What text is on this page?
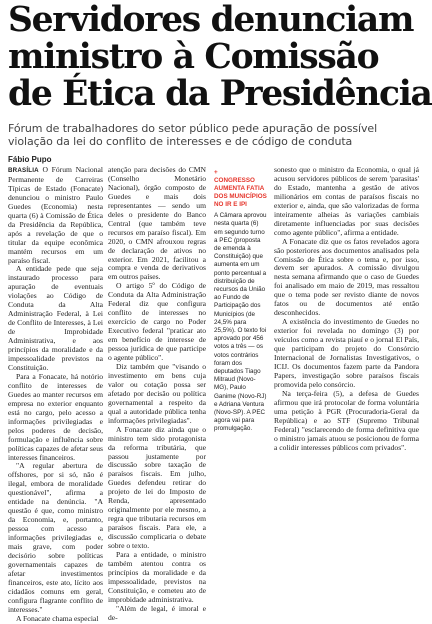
Servidores denunciam
ministro à Comissão
de Ética da Presidência
Fórum de trabalhadores do setor público pede apuração de possível violação da lei do conflito de interesses e de código de conduta
Fábio Pupo

BRASÍLIA O Fórum Nacional Permanente de Carreiras Típicas de Estado (Fonacate) denunciou o ministro Paulo Guedes (Economia) nesta quarta (6) à Comissão de Ética da Presidência da República, após a revelação de que o titular da equipe econômica mantém recursos em um paraíso fiscal.

A entidade pede que seja instaurado processo para apuração de eventuais violações ao Código de Conduta da Alta Administração Federal, à Lei de Conflito de Interesses, à Lei de Improbidade Administrativa, e aos princípios da moralidade e da impessoalidade previstos na Constituição.

Para a Fonacate, há notório conflito de interesses de Guedes ao manter recursos em empresa no exterior enquanto está no cargo, pelo acesso a informações privilegiadas e pelos poderes de decisão, formulação e influência sobre políticas capazes de afetar seus interesses financeiros.

"A regular abertura de offshores, por si só, não é ilegal, embora de moralidade questionável", afirma a entidade na denúncia. "A questão é que, como ministro da Economia, e, portanto, pessoa com acesso a informações privilegiadas e, mais grave, com poder decisório sobre políticas governamentais capazes de afetar investimentos financeiros, este ato, lícito aos cidadãos comuns em geral, configura flagrante conflito de interesses."

A Fonacate chama especial

atenção para decisões do CMN (Conselho Monetário Nacional), órgão composto de Guedes e mais dois representantes — sendo um deles o presidente do Banco Central (que também teve recursos em paraíso fiscal). Em 2020, o CMN afrouxou regras de declaração de ativos no exterior. Em 2021, facilitou a compra e venda de derivativos em outros países.

O artigo 5º do Código de Conduta da Alta Administração Federal diz que configura conflito de interesses no exercício de cargo no Poder Executivo federal "praticar ato em benefício de interesse de pessoa jurídica de que participe o agente público".

Diz também que "visando o investimento em bens cuja valor ou cotação possa ser afetado por decisão ou política governamental a respeito da qual a autoridade pública tenha informações privilegiadas".

A Fonacate diz ainda que o ministro tem sido protagonista da reforma tributária, que passou justamente por discussão sobre taxação de paraísos fiscais. Em julho, Guedes defendeu retirar do projeto de lei do Imposto de Renda, apresentado originalmente por ele mesmo, a regra que tributaria recursos em paraísos fiscais. Para ele, a discussão complicaria o debate sobre o texto.

Para a entidade, o ministro também atentou contra os princípios da moralidade e da impessoalidade, previstos na Constituição, e cometeu ato de improbidade administrativa.

"Além de legal, é imoral e de-

+
CONGRESSO AUMENTA FATIA DOS MUNICÍPIOS NO IR E IPI
A Câmara aprovou nesta quarta (6) em segundo turno a PEC (proposta de emenda à Constituição) que aumenta em um ponto percentual a distribuição de recursos da União ao Fundo de Participação dos Municípios (de 24,5% para 25,5%). O texto foi aprovado por 456 votos a três — os votos contrários foram dos deputados Tiago Mitraud (Novo-MG), Paulo Ganime (Novo-RJ) e Adriana Ventura (Novo-SP). A PEC agora vai para promulgação.

sonesto que o ministro da Economia, o qual já acusou servidores públicos de serem 'parasitas' do Estado, mantenha a gestão de ativos milionários em contas de paraísos fiscais no exterior e, ainda, que são valorizadas de forma inteiramente alheias às variações cambiais diretamente influenciadas por suas decisões como agente público", afirma a entidade.

A Fonacate diz que os fatos revelados agora são posteriores aos documentos analisados pela Comissão de Ética sobre o tema e, por isso, devem ser apurados. A comissão divulgou nesta semana afirmando que o caso de Guedes foi analisado em maio de 2019, mas ressaltou que o tema pode ser revisto diante de novos fatos ou de documentos até então desconhecidos.

A existência do investimento de Guedes no exterior foi revelada no domingo (3) por veículos como a revista piauí e o jornal El País, que participam do projeto do Consórcio Internacional de Jornalistas Investigativos, o ICIJ. Os documentos fazem parte da Pandora Papers, investigação sobre paraísos fiscais promovida pelo consórcio.

Na terça-feira (5), a defesa de Guedes afirmou que irá protocolar de forma voluntária uma petição à PGR (Procuradoria-Geral da República) e ao STF (Supremo Tribunal Federal) "esclarecendo de forma definitiva que o ministro jamais atuou se posicionou de forma a colidir interesses públicos com privados".
